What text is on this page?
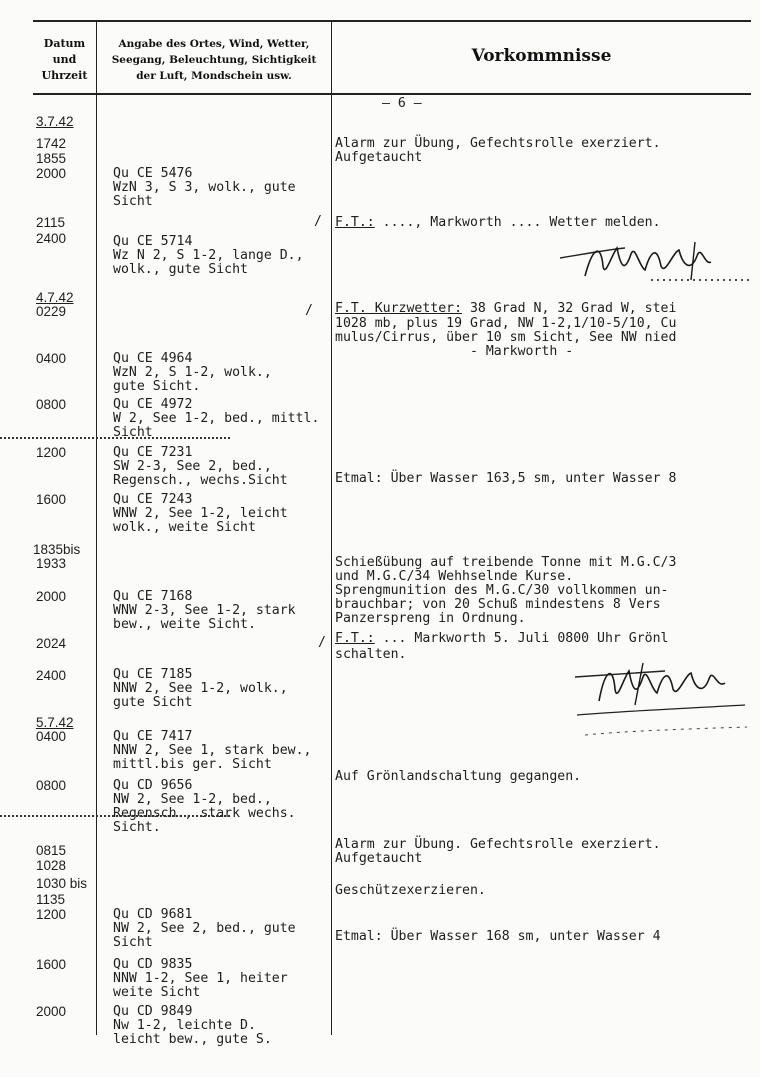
Datum
und
Uhrzeit
Angabe des Ortes, Wind, Wetter,
Seegang, Beleuchtung, Sichtigkeit
der Luft, Mondschein usw.
Vorkommnisse
– 6 –
3.7.42
1742
1855
2000
2115
2400
4.7.42
0229
0400
0800
1200
1600
1835bis
1933
2000
2024
2400
5.7.42
0400
0800
0815
1028
1030 bis
1135
1200
1600
2000
Qu CE 5476
WzN 3, S 3, wolk., gute
Sicht
Qu CE 5714
Wz N 2, S 1-2, lange D.,
wolk., gute Sicht
Qu CE 4964
WzN 2, S 1-2, wolk.,
gute Sicht.
Qu CE 4972
W 2, See 1-2, bed., mittl.
Sicht
Qu CE 7231
SW 2-3, See 2, bed.,
Regensch., wechs.Sicht
Qu CE 7243
WNW 2, See 1-2, leicht
wolk., weite Sicht
Qu CE 7168
WNW 2-3, See 1-2, stark
bew., weite Sicht.
Qu CE 7185
NNW 2, See 1-2, wolk.,
gute Sicht
Qu CE 7417
NNW 2, See 1, stark bew.,
mittl.bis ger. Sicht
Qu CD 9656
NW 2, See 1-2, bed.,
Regensch., stark wechs.
Sicht.
Qu CD 9681
NW 2, See 2, bed., gute
Sicht
Qu CD 9835
NNW 1-2, See 1, heiter
weite Sicht
Qu CD 9849
Nw 1-2, leichte D.
leicht bew., gute S.
/
/
/
Alarm zur Übung, Gefechtsrolle exerziert.
Aufgetaucht
F.T.: ...., Markworth .... Wetter melden.
F.T. Kurzwetter: 38 Grad N, 32 Grad W, stei
1028 mb, plus 19 Grad, NW 1-2,1/10-5/10, Cu
mulus/Cirrus, über 10 sm Sicht, See NW nied
- Markworth -
Etmal: Über Wasser 163,5 sm, unter Wasser 8
Schießübung auf treibende Tonne mit M.G.C/3
und M.G.C/34 Wehhselnde Kurse.
Sprengmunition des M.G.C/30 vollkommen un-
brauchbar; von 20 Schuß mindestens 8 Vers
Panzerspreng in Ordnung.
F.T.: ... Markworth 5. Juli 0800 Uhr Grönl
schalten.
Auf Grönlandschaltung gegangen.
Alarm zur Übung. Gefechtsrolle exerziert.
Aufgetaucht
Geschützexerzieren.
Etmal: Über Wasser 168 sm, unter Wasser 4
